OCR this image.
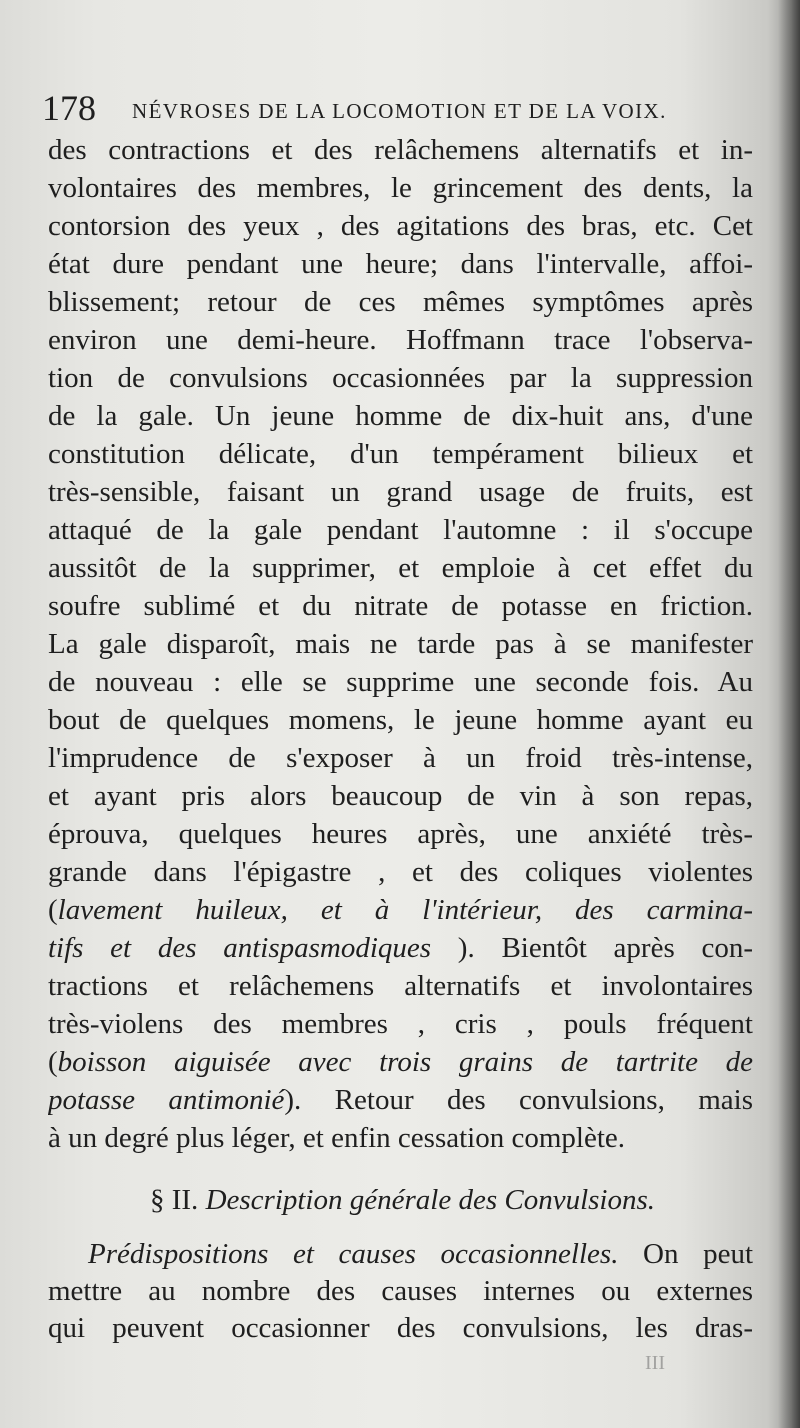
178 NÉVROSES DE LA LOCOMOTION ET DE LA VOIX.
des contractions et des relâchemens alternatifs et in-
volontaires des membres, le grincement des dents, la
contorsion des yeux , des agitations des bras, etc. Cet
état dure pendant une heure; dans l'intervalle, affoi-
blissement; retour de ces mêmes symptômes après
environ une demi-heure. Hoffmann trace l'observa-
tion de convulsions occasionnées par la suppression
de la gale. Un jeune homme de dix-huit ans, d'une
constitution délicate, d'un tempérament bilieux et
très-sensible, faisant un grand usage de fruits, est
attaqué de la gale pendant l'automne : il s'occupe
aussitôt de la supprimer, et emploie à cet effet du
soufre sublimé et du nitrate de potasse en friction.
La gale disparoît, mais ne tarde pas à se manifester
de nouveau : elle se supprime une seconde fois. Au
bout de quelques momens, le jeune homme ayant eu
l'imprudence de s'exposer à un froid très-intense,
et ayant pris alors beaucoup de vin à son repas,
éprouva, quelques heures après, une anxiété très-
grande dans l'épigastre , et des coliques violentes
(lavement huileux, et à l'intérieur, des carmina-
tifs et des antispasmodiques ). Bientôt après con-
tractions et relâchemens alternatifs et involontaires
très-violens des membres , cris , pouls fréquent
(boisson aiguisée avec trois grains de tartrite de
potasse antimonié). Retour des convulsions, mais
à un degré plus léger, et enfin cessation complète.
§ II. Description générale des Convulsions.
Prédispositions et causes occasionnelles. On peut
mettre au nombre des causes internes ou externes
qui peuvent occasionner des convulsions, les dras-
III
